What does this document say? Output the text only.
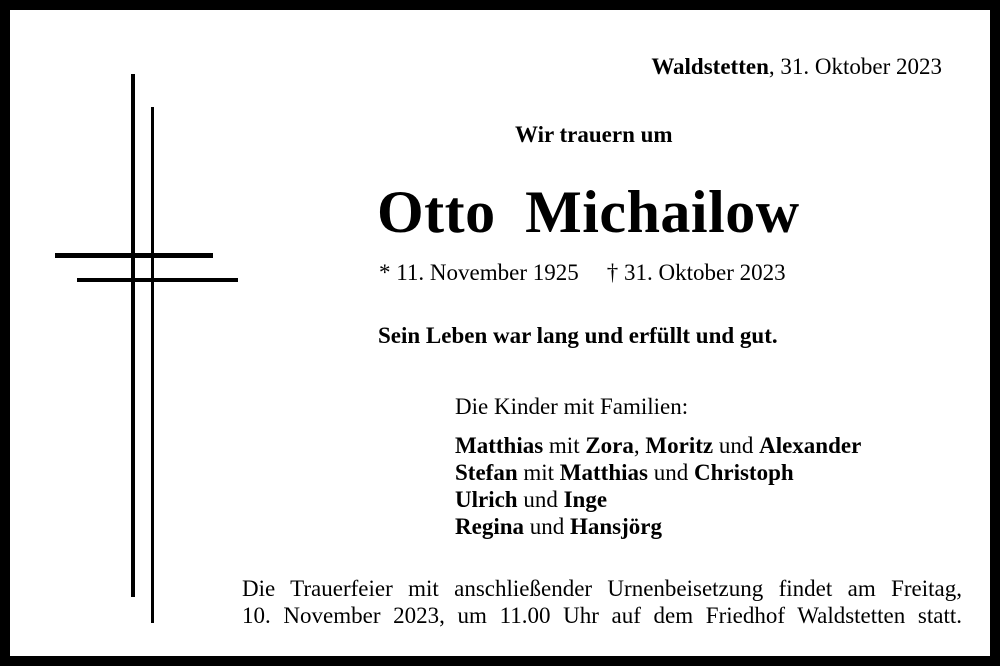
Waldstetten, 31. Oktober 2023
Wir trauern um
Otto Michailow
* 11. November 1925 † 31. Oktober 2023
Sein Leben war lang und erfüllt und gut.
Die Kinder mit Familien:
Matthias mit Zora, Moritz und Alexander
Stefan mit Matthias und Christoph
Ulrich und Inge
Regina und Hansjörg
Die Trauerfeier mit anschließender Urnenbeisetzung findet am Freitag,
10. November 2023, um 11.00 Uhr auf dem Friedhof Waldstetten statt.
